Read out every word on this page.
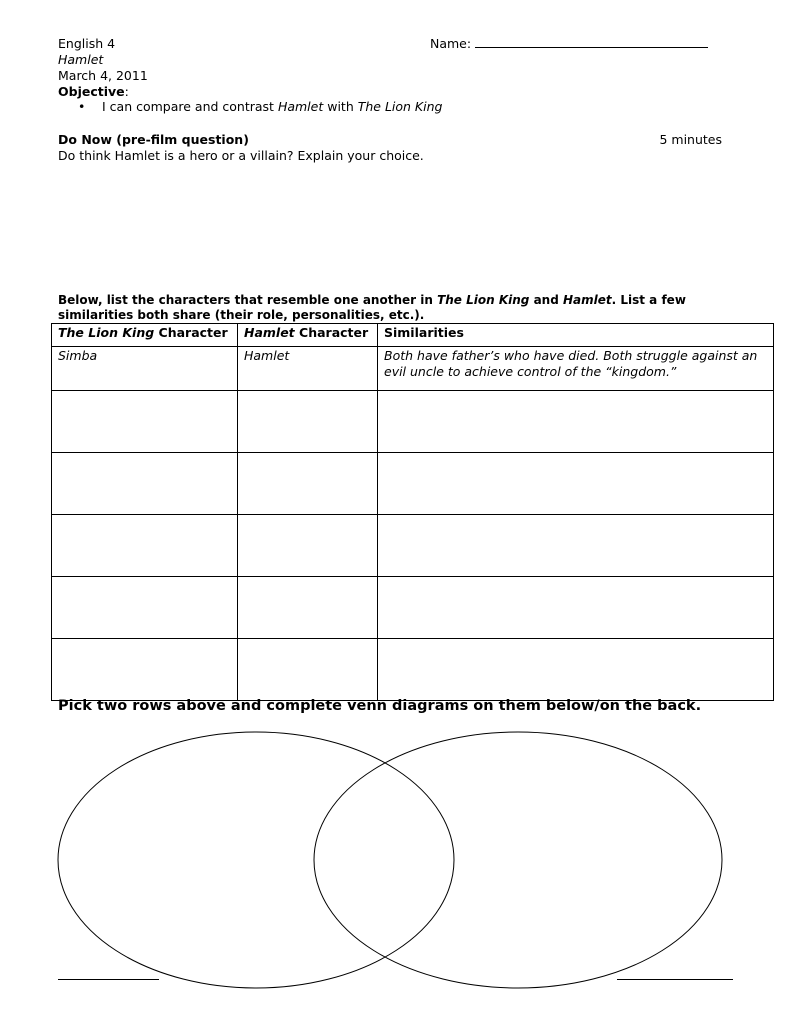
English 4
Hamlet
March 4, 2011
Objective:
Name:
• I can compare and contrast Hamlet with The Lion King
Do Now (pre-film question)	5 minutes
Do think Hamlet is a hero or a villain? Explain your choice.
Below, list the characters that resemble one another in The Lion King and Hamlet. List a few similarities both share (their role, personalities, etc.).
The Lion King Character	Hamlet Character	Similarities
Simba	Hamlet	Both have father’s who have died. Both struggle against an evil uncle to achieve control of the “kingdom.”

Pick two rows above and complete venn diagrams on them below/on the back.
